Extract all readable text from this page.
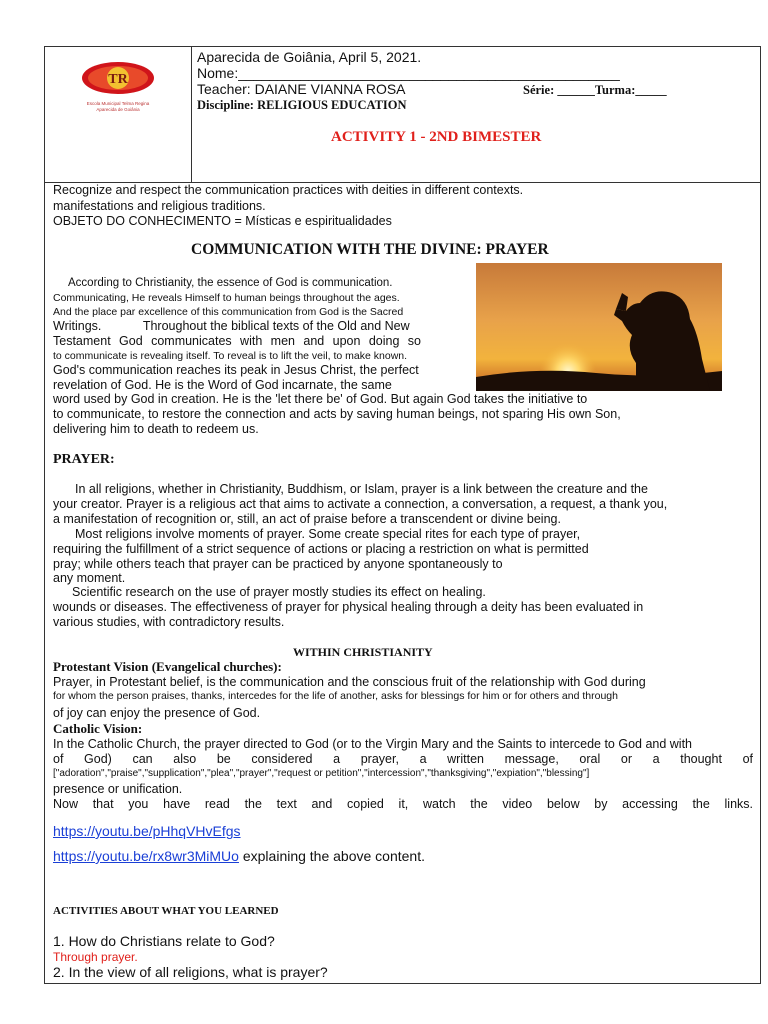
TR
Escola Municipal Telma Regina
Aparecida de Goiânia
Aparecida de Goiânia, April 5, 2021.
Nome:_________________________________________________
Teacher: DAIANE VIANNA ROSA	Série: ______Turma:_____
Discipline: RELIGIOUS EDUCATION
ACTIVITY 1 - 2ND BIMESTER
Recognize and respect the communication practices with deities in different contexts.
manifestations and religious traditions.
OBJETO DO CONHECIMENTO = Místicas e espiritualidades
COMMUNICATION WITH THE DIVINE: PRAYER
According to Christianity, the essence of God is communication.
Communicating, He reveals Himself to human beings throughout the ages.
And the place par excellence of this communication from God is the Sacred
Writings.            Throughout the biblical texts of the Old and New
Testament God communicates with men and upon doing so
to communicate is revealing itself. To reveal is to lift the veil, to make known.
God's communication reaches its peak in Jesus Christ, the perfect
revelation of God. He is the Word of God incarnate, the same
word used by God in creation. He is the 'let there be' of God. But again God takes the initiative to
to communicate, to restore the connection and acts by saving human beings, not sparing His own Son,
delivering him to death to redeem us.
PRAYER:
In all religions, whether in Christianity, Buddhism, or Islam, prayer is a link between the creature and the
your creator. Prayer is a religious act that aims to activate a connection, a conversation, a request, a thank you,
a manifestation of recognition or, still, an act of praise before a transcendent or divine being.
Most religions involve moments of prayer. Some create special rites for each type of prayer,
requiring the fulfillment of a strict sequence of actions or placing a restriction on what is permitted
pray; while others teach that prayer can be practiced by anyone spontaneously to
any moment.
Scientific research on the use of prayer mostly studies its effect on healing.
wounds or diseases. The effectiveness of prayer for physical healing through a deity has been evaluated in
various studies, with contradictory results.
WITHIN CHRISTIANITY
Protestant Vision (Evangelical churches):
Prayer, in Protestant belief, is the communication and the conscious fruit of the relationship with God during
for whom the person praises, thanks, intercedes for the life of another, asks for blessings for him or for others and through
of joy can enjoy the presence of God.
Catholic Vision:
In the Catholic Church, the prayer directed to God (or to the Virgin Mary and the Saints to intercede to God and with
of God) can also be considered a prayer, a written message, oral or a thought of
["adoration","praise","supplication","plea","prayer","request or petition","intercession","thanksgiving","expiation","blessing"]
presence or unification.
Now that you have read the text and copied it, watch the video below by accessing the links.
https://youtu.be/pHhqVHvEfgs
https://youtu.be/rx8wr3MiMUo explaining the above content.
ACTIVITIES ABOUT WHAT YOU LEARNED
1. How do Christians relate to God?
Through prayer.
2. In the view of all religions, what is prayer?
